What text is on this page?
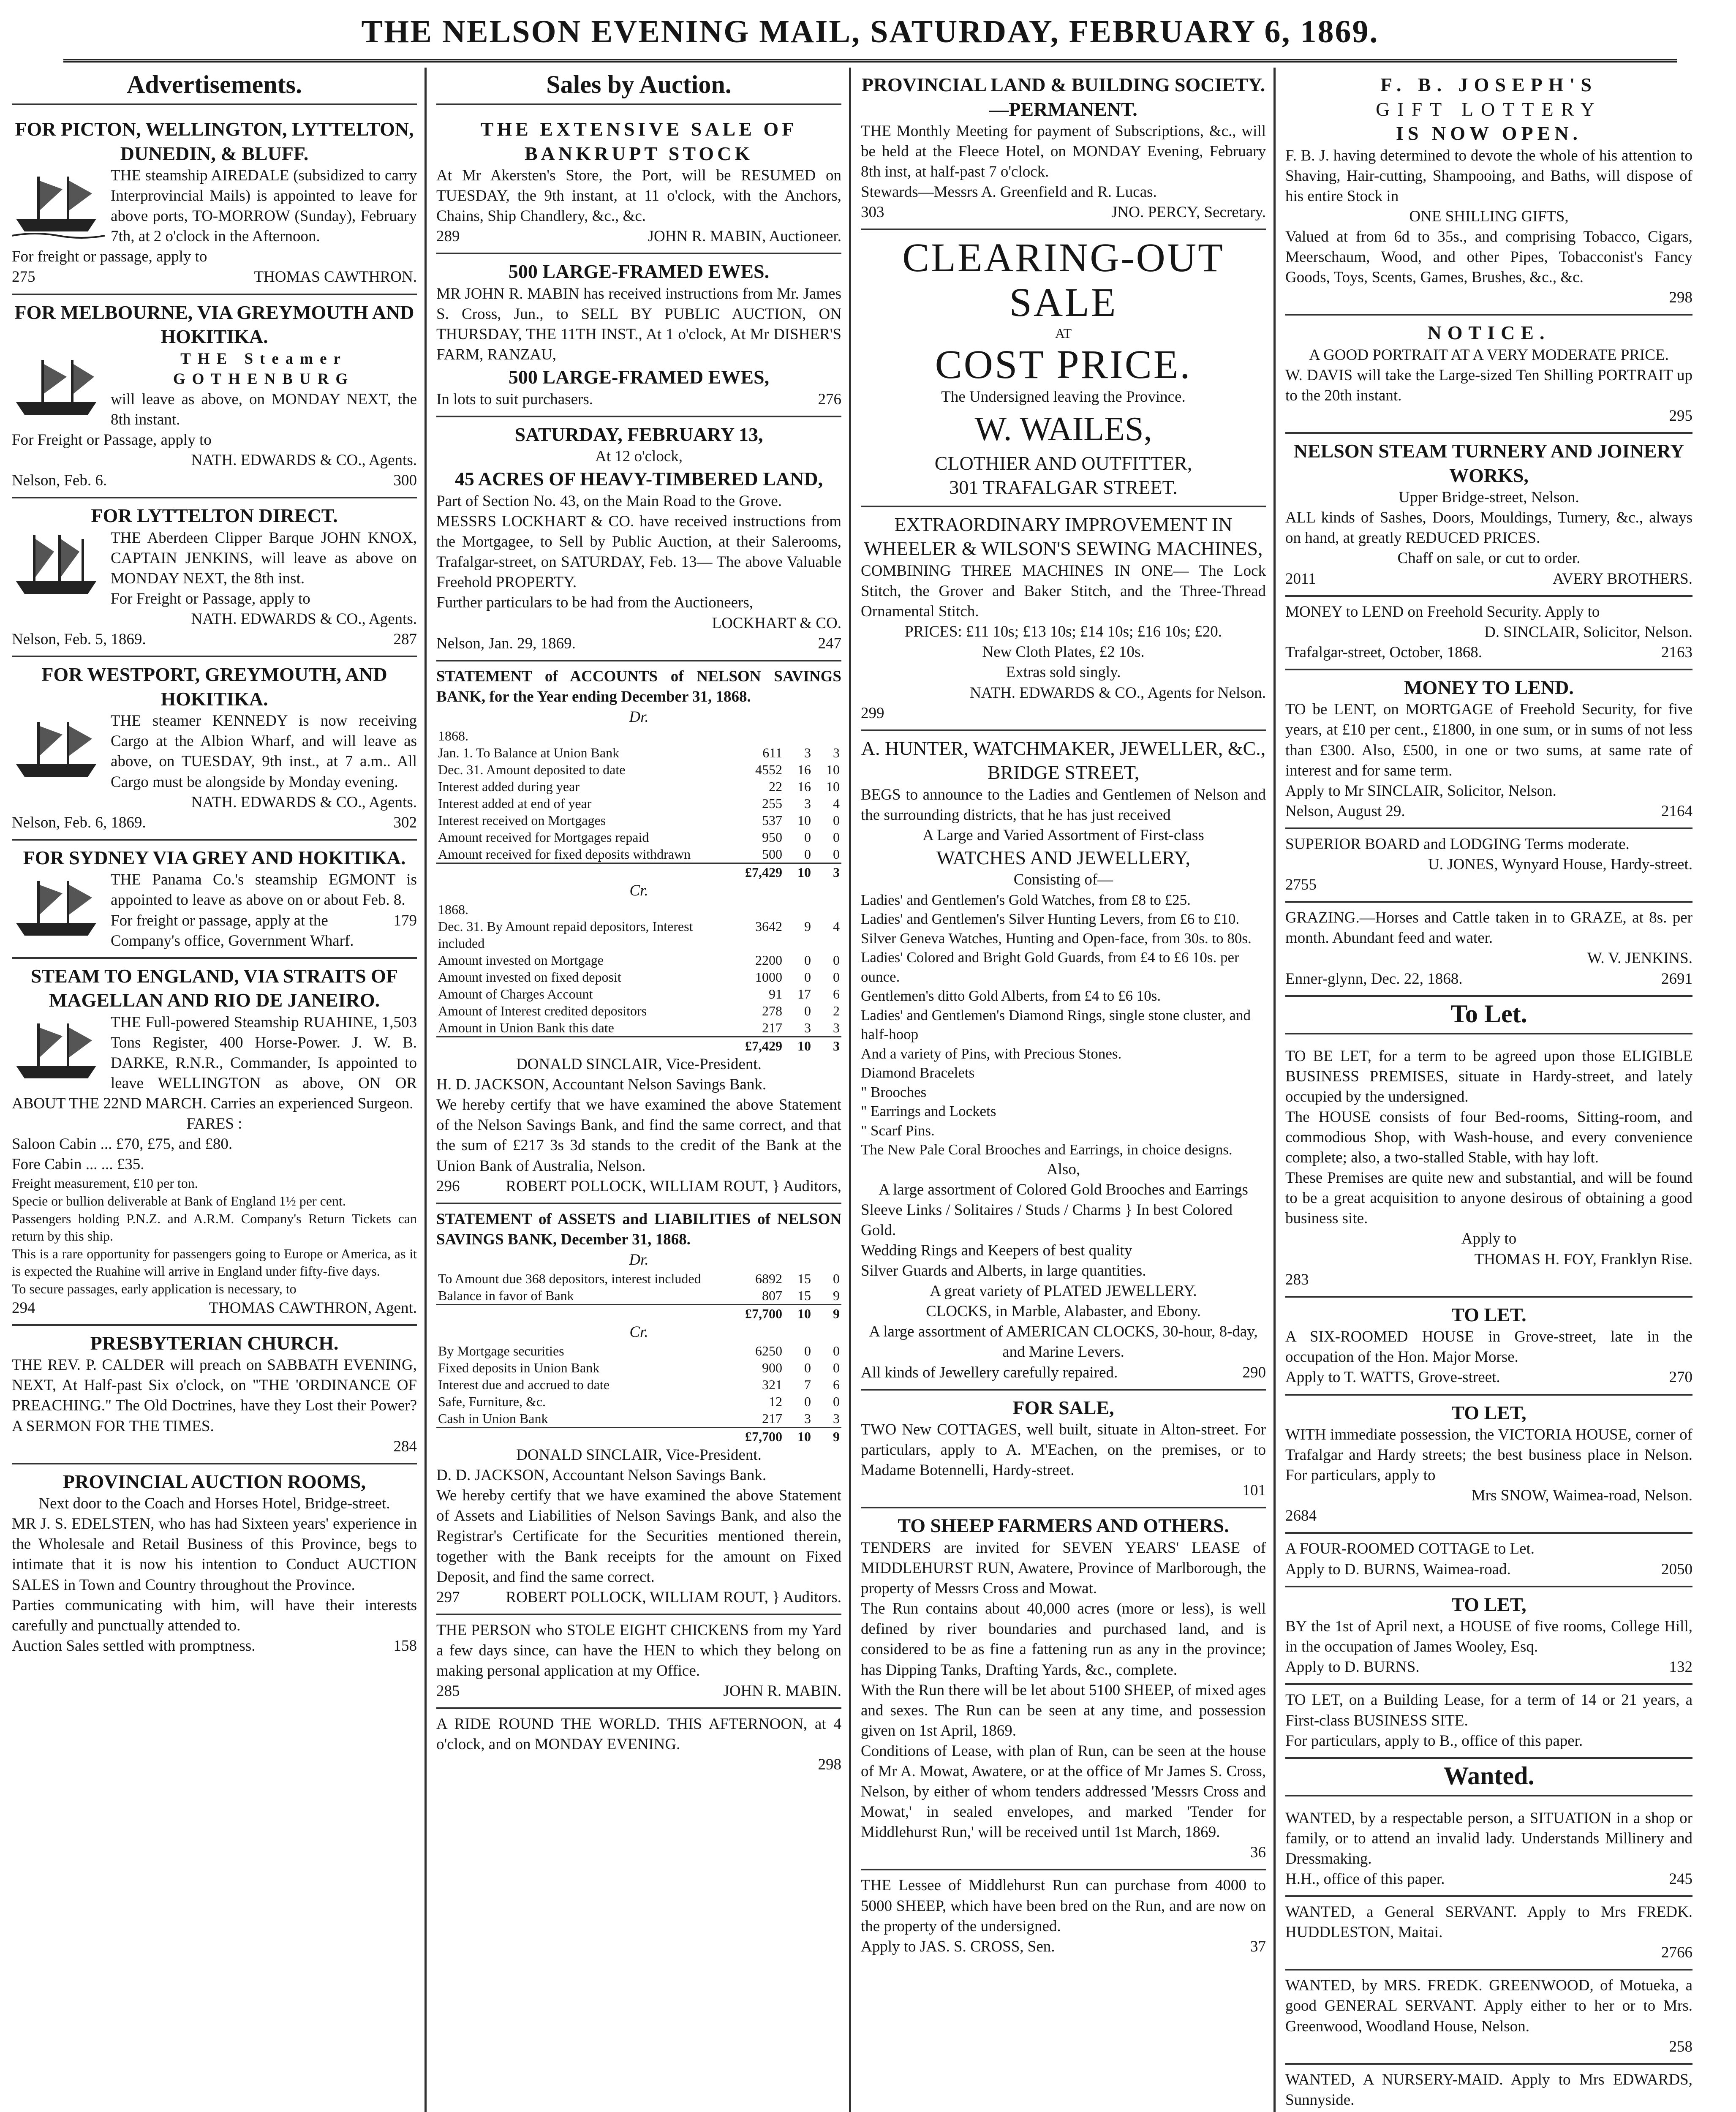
THE NELSON EVENING MAIL, SATURDAY, FEBRUARY 6, 1869.
Advertisements.
FOR PICTON, WELLINGTON, LYTTELTON, DUNEDIN, & BLUFF.
THE steamship AIREDALE (subsidized to carry Interprovincial Mails) is appointed to leave for above ports, TO-MORROW (Sunday), February 7th, at 2 o'clock in the Afternoon.
For freight or passage, apply to
275	THOMAS CAWTHRON.
FOR MELBOURNE, VIA GREYMOUTH AND HOKITIKA.
THE Steamer GOTHENBURG
will leave as above, on MONDAY NEXT, the 8th instant.
For Freight or Passage, apply to
NATH. EDWARDS & CO., Agents.
Nelson, Feb. 6.	300
FOR LYTTELTON DIRECT.
THE Aberdeen Clipper Barque JOHN KNOX, CAPTAIN JENKINS, will leave as above on MONDAY NEXT, the 8th inst.
For Freight or Passage, apply to
NATH. EDWARDS & CO., Agents.
Nelson, Feb. 5, 1869.	287
FOR WESTPORT, GREYMOUTH, AND HOKITIKA.
THE steamer KENNEDY is now receiving Cargo at the Albion Wharf, and will leave as above, on TUESDAY, 9th inst., at 7 a.m.. All Cargo must be alongside by Monday evening.
NATH. EDWARDS & CO., Agents.
Nelson, Feb. 6, 1869.	302
FOR SYDNEY VIA GREY AND HOKITIKA.
THE Panama Co.'s steamship EGMONT is appointed to leave as above on or about Feb. 8.
For freight or passage, apply at the Company's office, Government Wharf.
179
STEAM TO ENGLAND, VIA STRAITS OF MAGELLAN AND RIO DE JANEIRO.
THE Full-powered Steamship RUAHINE, 1,503 Tons Register, 400 Horse-Power. J. W. B. DARKE, R.N.R., Commander, Is appointed to leave WELLINGTON as above, ON OR ABOUT THE 22ND MARCH. Carries an experienced Surgeon.
FARES :
Saloon Cabin ... £70, £75, and £80.
Fore Cabin ... ... £35.
Freight measurement, £10 per ton.
Specie or bullion deliverable at Bank of England 1½ per cent.
Passengers holding P.N.Z. and A.R.M. Company's Return Tickets can return by this ship.
This is a rare opportunity for passengers going to Europe or America, as it is expected the Ruahine will arrive in England under fifty-five days.
To secure passages, early application is necessary, to
294	THOMAS CAWTHRON, Agent.
PRESBYTERIAN CHURCH.
THE REV. P. CALDER will preach on SABBATH EVENING, NEXT, At Half-past Six o'clock, on "THE 'ORDINANCE OF PREACHING." The Old Doctrines, have they Lost their Power? A SERMON FOR THE TIMES.
284
PROVINCIAL AUCTION ROOMS,
Next door to the Coach and Horses Hotel, Bridge-street.
MR J. S. EDELSTEN, who has had Sixteen years' experience in the Wholesale and Retail Business of this Province, begs to intimate that it is now his intention to Conduct AUCTION SALES in Town and Country throughout the Province.
Parties communicating with him, will have their interests carefully and punctually attended to.
Auction Sales settled with promptness.	158
Sales by Auction.
THE EXTENSIVE SALE OF BANKRUPT STOCK
At Mr Akersten's Store, the Port, will be RESUMED on TUESDAY, the 9th instant, at 11 o'clock, with the Anchors, Chains, Ship Chandlery, &c., &c.
289	JOHN R. MABIN, Auctioneer.
500 LARGE-FRAMED EWES.
MR JOHN R. MABIN has received instructions from Mr. James S. Cross, Jun., to SELL BY PUBLIC AUCTION, ON THURSDAY, THE 11TH INST., At 1 o'clock, At Mr DISHER'S FARM, RANZAU,
500 LARGE-FRAMED EWES,
In lots to suit purchasers.	276
SATURDAY, FEBRUARY 13,
At 12 o'clock,
45 ACRES OF HEAVY-TIMBERED LAND,
Part of Section No. 43, on the Main Road to the Grove.
MESSRS LOCKHART & CO. have received instructions from the Mortgagee, to Sell by Public Auction, at their Salerooms, Trafalgar-street, on SATURDAY, Feb. 13— The above Valuable Freehold PROPERTY.
Further particulars to be had from the Auctioneers,
LOCKHART & CO.
Nelson, Jan. 29, 1869.	247
STATEMENT of ACCOUNTS of NELSON SAVINGS BANK, for the Year ending December 31, 1868.
Dr.
1868.			
Jan. 1. To Balance at Union Bank	611	3	3
Dec. 31. Amount deposited to date	4552	16	10
Interest added during year	22	16	10
Interest added at end of year	255	3	4
Interest received on Mortgages	537	10	0
Amount received for Mortgages repaid	950	0	0
Amount received for fixed deposits withdrawn	500	0	0
	£7,429	10	3
Cr.
1868.			
Dec. 31. By Amount repaid depositors, Interest included	3642	9	4
Amount invested on Mortgage	2200	0	0
Amount invested on fixed deposit	1000	0	0
Amount of Charges Account	91	17	6
Amount of Interest credited depositors	278	0	2
Amount in Union Bank this date	217	3	3
	£7,429	10	3
DONALD SINCLAIR, Vice-President.
H. D. JACKSON, Accountant Nelson Savings Bank.
We hereby certify that we have examined the above Statement of the Nelson Savings Bank, and find the same correct, and that the sum of £217 3s 3d stands to the credit of the Bank at the Union Bank of Australia, Nelson.
296	ROBERT POLLOCK, WILLIAM ROUT, } Auditors,
STATEMENT of ASSETS and LIABILITIES of NELSON SAVINGS BANK, December 31, 1868.
Dr.
To Amount due 368 depositors, interest included	6892	15	0
Balance in favor of Bank	807	15	9
	£7,700	10	9
Cr.
By Mortgage securities	6250	0	0
Fixed deposits in Union Bank	900	0	0
Interest due and accrued to date	321	7	6
Safe, Furniture, &c.	12	0	0
Cash in Union Bank	217	3	3
	£7,700	10	9
DONALD SINCLAIR, Vice-President.
D. D. JACKSON, Accountant Nelson Savings Bank.
We hereby certify that we have examined the above Statement of Assets and Liabilities of Nelson Savings Bank, and also the Registrar's Certificate for the Securities mentioned therein, together with the Bank receipts for the amount on Fixed Deposit, and find the same correct.
297	ROBERT POLLOCK, WILLIAM ROUT, } Auditors.
THE PERSON who STOLE EIGHT CHICKENS from my Yard a few days since, can have the HEN to which they belong on making personal application at my Office.
285	JOHN R. MABIN.
A RIDE ROUND THE WORLD. THIS AFTERNOON, at 4 o'clock, and on MONDAY EVENING.
298
PROVINCIAL LAND & BUILDING SOCIETY.—PERMANENT.
THE Monthly Meeting for payment of Subscriptions, &c., will be held at the Fleece Hotel, on MONDAY Evening, February 8th inst, at half-past 7 o'clock.
Stewards—Messrs A. Greenfield and R. Lucas.
303	JNO. PERCY, Secretary.
CLEARING-OUT SALE
AT
COST PRICE.
The Undersigned leaving the Province.
W. WAILES,
CLOTHIER AND OUTFITTER,
301 TRAFALGAR STREET.
EXTRAORDINARY IMPROVEMENT IN WHEELER & WILSON'S SEWING MACHINES,
COMBINING THREE MACHINES IN ONE— The Lock Stitch, the Grover and Baker Stitch, and the Three-Thread Ornamental Stitch.
PRICES: £11 10s; £13 10s; £14 10s; £16 10s; £20.
New Cloth Plates, £2 10s.
Extras sold singly.
NATH. EDWARDS & CO., Agents for Nelson.
299
A. HUNTER, WATCHMAKER, JEWELLER, &C., BRIDGE STREET,
BEGS to announce to the Ladies and Gentlemen of Nelson and the surrounding districts, that he has just received
A Large and Varied Assortment of First-class
WATCHES AND JEWELLERY,
Consisting of—
Ladies' and Gentlemen's Gold Watches, from £8 to £25.
Ladies' and Gentlemen's Silver Hunting Levers, from £6 to £10.
Silver Geneva Watches, Hunting and Open-face, from 30s. to 80s.
Ladies' Colored and Bright Gold Guards, from £4 to £6 10s. per ounce.
Gentlemen's ditto Gold Alberts, from £4 to £6 10s.
Ladies' and Gentlemen's Diamond Rings, single stone cluster, and half-hoop
And a variety of Pins, with Precious Stones.
Diamond Bracelets
" Brooches
" Earrings and Lockets
" Scarf Pins.
The New Pale Coral Brooches and Earrings, in choice designs.
Also,
A large assortment of Colored Gold Brooches and Earrings
Sleeve Links / Solitaires / Studs / Charms } In best Colored Gold.
Wedding Rings and Keepers of best quality
Silver Guards and Alberts, in large quantities.
A great variety of PLATED JEWELLERY.
CLOCKS, in Marble, Alabaster, and Ebony.
A large assortment of AMERICAN CLOCKS, 30-hour, 8-day, and Marine Levers.
All kinds of Jewellery carefully repaired.	290
FOR SALE,
TWO New COTTAGES, well built, situate in Alton-street. For particulars, apply to A. M'Eachen, on the premises, or to Madame Botennelli, Hardy-street.
101
TO SHEEP FARMERS AND OTHERS.
TENDERS are invited for SEVEN YEARS' LEASE of MIDDLEHURST RUN, Awatere, Province of Marlborough, the property of Messrs Cross and Mowat.
The Run contains about 40,000 acres (more or less), is well defined by river boundaries and purchased land, and is considered to be as fine a fattening run as any in the province; has Dipping Tanks, Drafting Yards, &c., complete.
With the Run there will be let about 5100 SHEEP, of mixed ages and sexes. The Run can be seen at any time, and possession given on 1st April, 1869.
Conditions of Lease, with plan of Run, can be seen at the house of Mr A. Mowat, Awatere, or at the office of Mr James S. Cross, Nelson, by either of whom tenders addressed 'Messrs Cross and Mowat,' in sealed envelopes, and marked 'Tender for Middlehurst Run,' will be received until 1st March, 1869.
36
THE Lessee of Middlehurst Run can purchase from 4000 to 5000 SHEEP, which have been bred on the Run, and are now on the property of the undersigned.
Apply to JAS. S. CROSS, Sen.	37
F. B. JOSEPH'S
GIFT LOTTERY
IS NOW OPEN.
F. B. J. having determined to devote the whole of his attention to Shaving, Hair-cutting, Shampooing, and Baths, will dispose of his entire Stock in
ONE SHILLING GIFTS,
Valued at from 6d to 35s., and comprising Tobacco, Cigars, Meerschaum, Wood, and other Pipes, Tobacconist's Fancy Goods, Toys, Scents, Games, Brushes, &c., &c.
298
NOTICE.
A GOOD PORTRAIT AT A VERY MODERATE PRICE.
W. DAVIS will take the Large-sized Ten Shilling PORTRAIT up to the 20th instant.
295
NELSON STEAM TURNERY AND JOINERY WORKS,
Upper Bridge-street, Nelson.
ALL kinds of Sashes, Doors, Mouldings, Turnery, &c., always on hand, at greatly REDUCED PRICES.
Chaff on sale, or cut to order.
2011	AVERY BROTHERS.
MONEY to LEND on Freehold Security. Apply to
D. SINCLAIR, Solicitor, Nelson.
Trafalgar-street, October, 1868.	2163
MONEY TO LEND.
TO be LENT, on MORTGAGE of Freehold Security, for five years, at £10 per cent., £1800, in one sum, or in sums of not less than £300. Also, £500, in one or two sums, at same rate of interest and for same term.
Apply to Mr SINCLAIR, Solicitor, Nelson.
Nelson, August 29.	2164
SUPERIOR BOARD and LODGING Terms moderate.
U. JONES, Wynyard House, Hardy-street.
2755
GRAZING.—Horses and Cattle taken in to GRAZE, at 8s. per month. Abundant feed and water.
W. V. JENKINS.
Enner-glynn, Dec. 22, 1868.	2691
To Let.
TO BE LET, for a term to be agreed upon those ELIGIBLE BUSINESS PREMISES, situate in Hardy-street, and lately occupied by the undersigned.
The HOUSE consists of four Bed-rooms, Sitting-room, and commodious Shop, with Wash-house, and every convenience complete; also, a two-stalled Stable, with hay loft.
These Premises are quite new and substantial, and will be found to be a great acquisition to anyone desirous of obtaining a good business site.
Apply to
THOMAS H. FOY, Franklyn Rise.
283
TO LET.
A SIX-ROOMED HOUSE in Grove-street, late in the occupation of the Hon. Major Morse.
Apply to T. WATTS, Grove-street.	270
TO LET,
WITH immediate possession, the VICTORIA HOUSE, corner of Trafalgar and Hardy streets; the best business place in Nelson. For particulars, apply to
Mrs SNOW, Waimea-road, Nelson.
2684
A FOUR-ROOMED COTTAGE to Let.
Apply to D. BURNS, Waimea-road.	2050
TO LET,
BY the 1st of April next, a HOUSE of five rooms, College Hill, in the occupation of James Wooley, Esq.
Apply to D. BURNS.	132
TO LET, on a Building Lease, for a term of 14 or 21 years, a First-class BUSINESS SITE.
For particulars, apply to B., office of this paper.
Wanted.
WANTED, by a respectable person, a SITUATION in a shop or family, or to attend an invalid lady. Understands Millinery and Dressmaking.
H.H., office of this paper.	245
WANTED, a General SERVANT. Apply to Mrs FREDK. HUDDLESTON, Maitai.
2766
WANTED, by MRS. FREDK. GREENWOOD, of Motueka, a good GENERAL SERVANT. Apply either to her or to Mrs. Greenwood, Woodland House, Nelson.
258
WANTED, A NURSERY-MAID. Apply to Mrs EDWARDS, Sunnyside.
